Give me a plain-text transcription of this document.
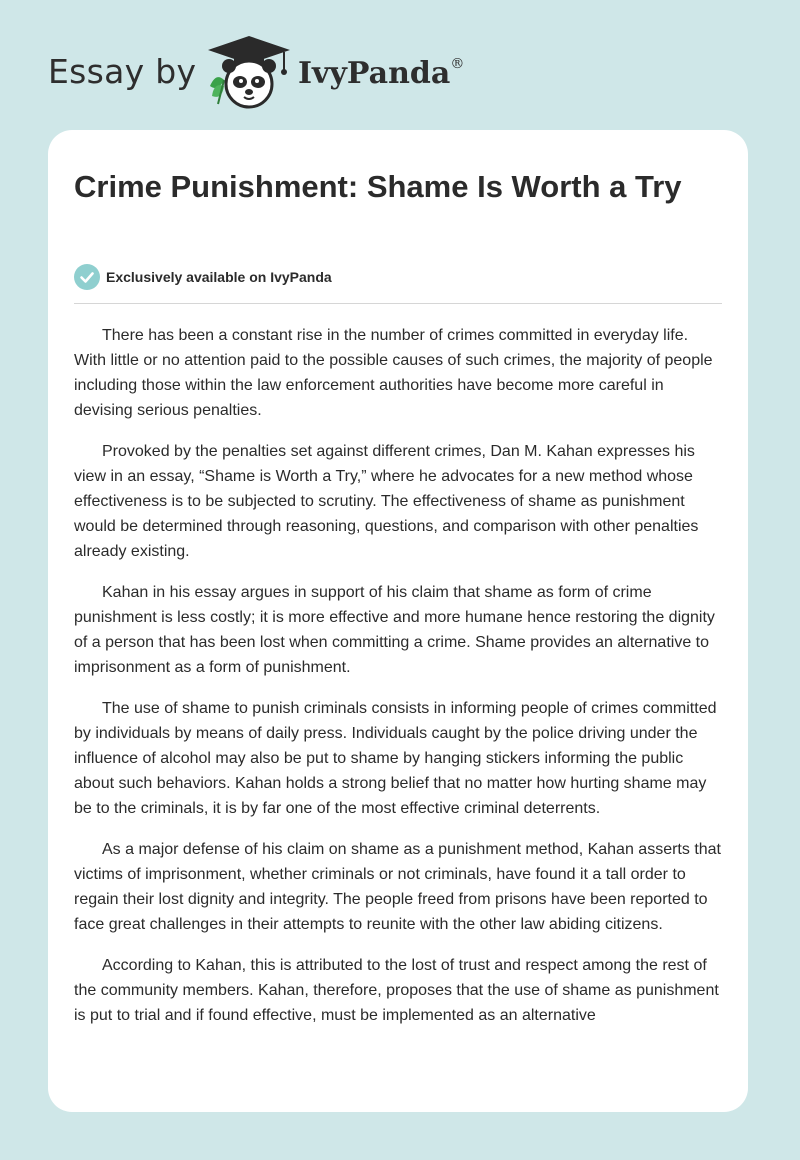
Essay by	IvyPanda®
Crime Punishment: Shame Is Worth a Try
Exclusively available on IvyPanda

There has been a constant rise in the number of crimes committed in everyday life. With little or no attention paid to the possible causes of such crimes, the majority of people including those within the law enforcement authorities have become more careful in devising serious penalties.

Provoked by the penalties set against different crimes, Dan M. Kahan expresses his view in an essay, “Shame is Worth a Try,” where he advocates for a new method whose effectiveness is to be subjected to scrutiny. The effectiveness of shame as punishment would be determined through reasoning, questions, and comparison with other penalties already existing.

Kahan in his essay argues in support of his claim that shame as form of crime punishment is less costly; it is more effective and more humane hence restoring the dignity of a person that has been lost when committing a crime. Shame provides an alternative to imprisonment as a form of punishment.

The use of shame to punish criminals consists in informing people of crimes committed by individuals by means of daily press. Individuals caught by the police driving under the influence of alcohol may also be put to shame by hanging stickers informing the public about such behaviors. Kahan holds a strong belief that no matter how hurting shame may be to the criminals, it is by far one of the most effective criminal deterrents.

As a major defense of his claim on shame as a punishment method, Kahan asserts that victims of imprisonment, whether criminals or not criminals, have found it a tall order to regain their lost dignity and integrity. The people freed from prisons have been reported to face great challenges in their attempts to reunite with the other law abiding citizens.

According to Kahan, this is attributed to the lost of trust and respect among the rest of the community members. Kahan, therefore, proposes that the use of shame as punishment is put to trial and if found effective, must be implemented as an alternative
